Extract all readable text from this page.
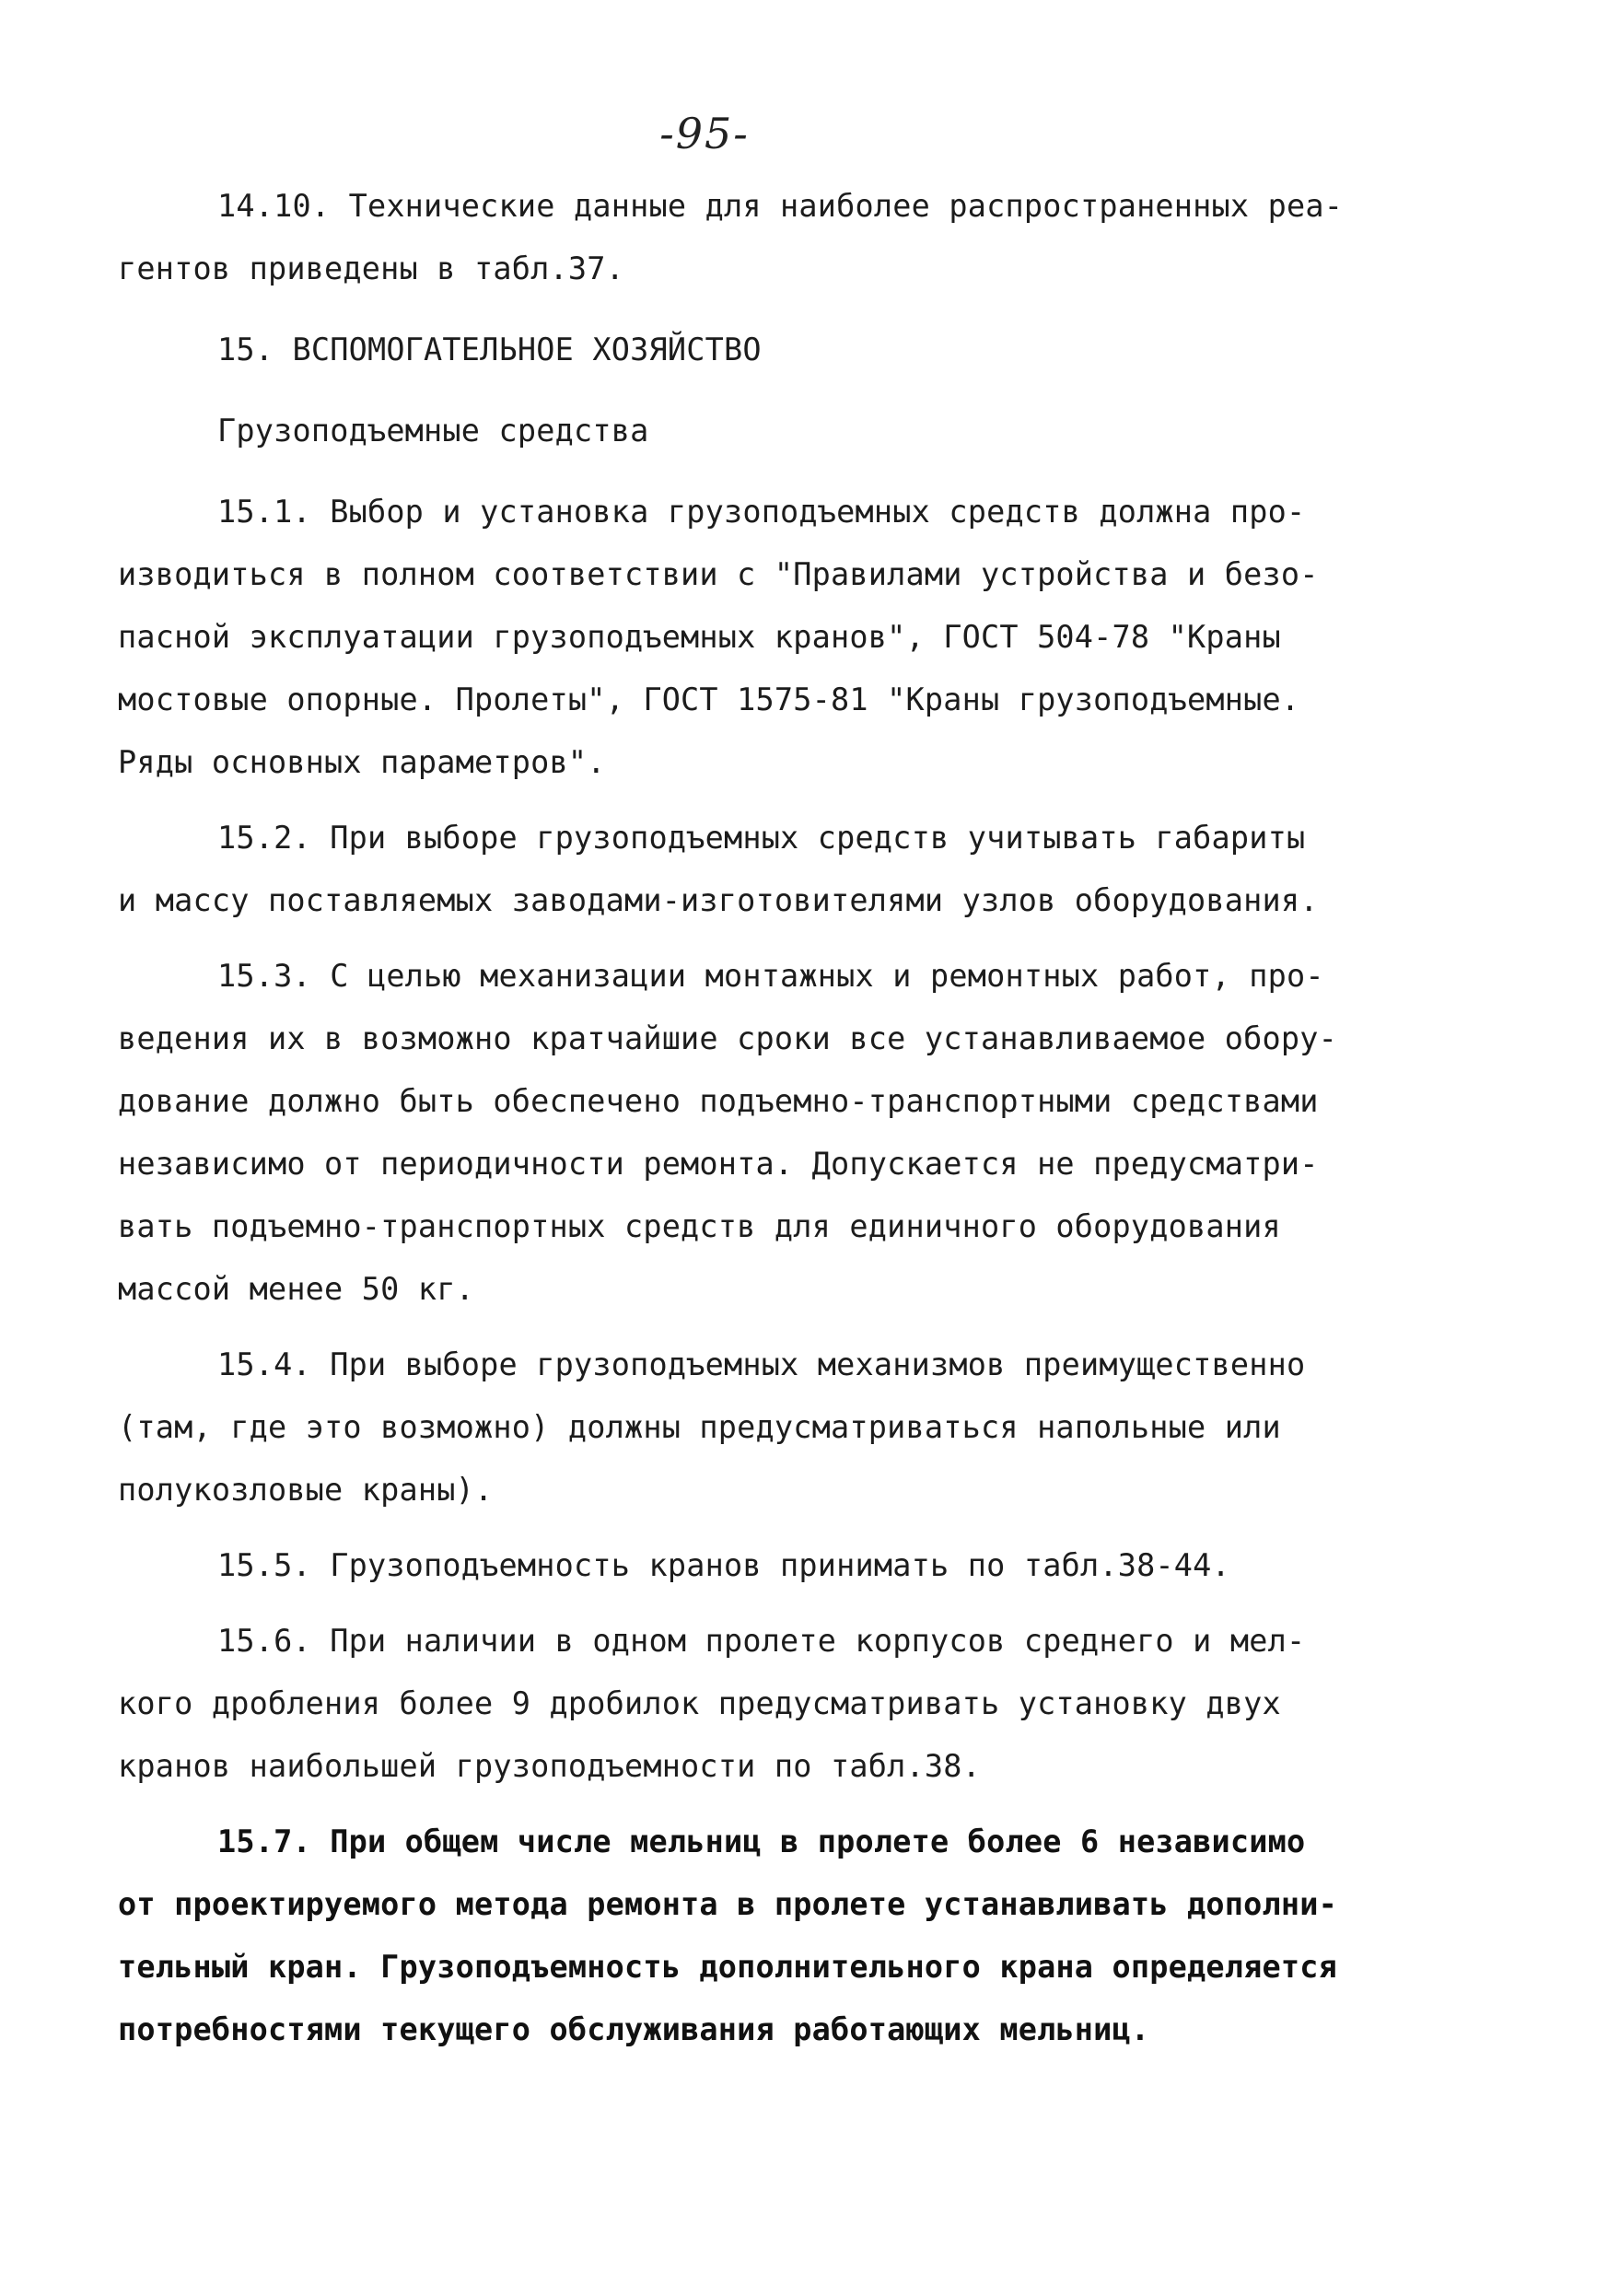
-95-
14.10. Технические данные для наиболее распространенных реа-
гентов приведены в табл.37.
15. ВСПОМОГАТЕЛЬНОЕ ХОЗЯЙСТВО
Грузоподъемные средства
15.1. Выбор и установка грузоподъемных средств должна про-
изводиться в полном соответствии с "Правилами устройства и безо-
пасной эксплуатации грузоподъемных кранов", ГОСТ 504-78 "Краны
мостовые опорные. Пролеты", ГОСТ 1575-81 "Краны грузоподъемные.
Ряды основных параметров".
15.2. При выборе грузоподъемных средств учитывать габариты
и массу поставляемых заводами-изготовителями узлов оборудования.
15.3. С целью механизации монтажных и ремонтных работ, про-
ведения их в возможно кратчайшие сроки все устанавливаемое обору-
дование должно быть обеспечено подъемно-транспортными средствами
независимо от периодичности ремонта. Допускается не предусматри-
вать подъемно-транспортных средств для единичного оборудования
массой менее 50 кг.
15.4. При выборе грузоподъемных механизмов преимущественно
(там, где это возможно) должны предусматриваться напольные или
полукозловые краны).
15.5. Грузоподъемность кранов принимать по табл.38-44.
15.6. При наличии в одном пролете корпусов среднего и мел-
кого дробления более 9 дробилок предусматривать установку двух
кранов наибольшей грузоподъемности по табл.38.
15.7. При общем числе мельниц в пролете более 6 независимо
от проектируемого метода ремонта в пролете устанавливать дополни-
тельный кран. Грузоподъемность дополнительного крана определяется
потребностями текущего обслуживания работающих мельниц.
